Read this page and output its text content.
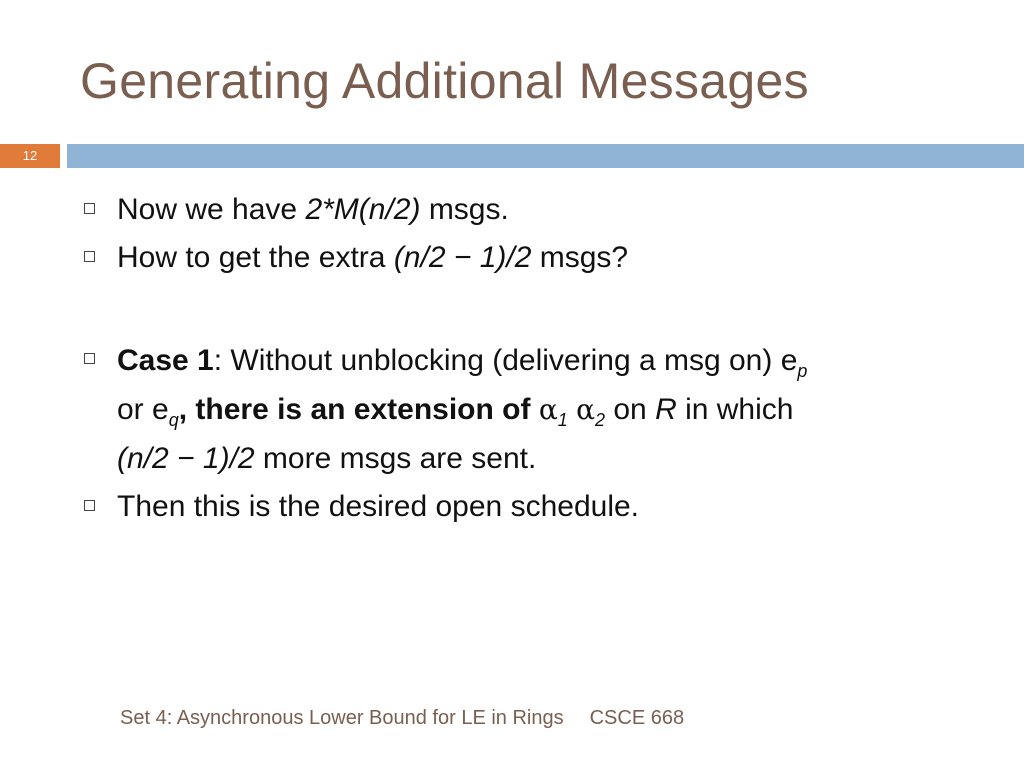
Generating Additional Messages
12
Now we have 2*M(n/2) msgs.
How to get the extra (n/2 − 1)/2 msgs?
Case 1: Without unblocking (delivering a msg on) $e_p$
or $e_q$, there is an extension of $\alpha_1$ $\alpha_2$ on R in which
(n/2 − 1)/2 more msgs are sent.
Then this is the desired open schedule.
Set 4: Asynchronous Lower Bound for LE in Rings CSCE 668
